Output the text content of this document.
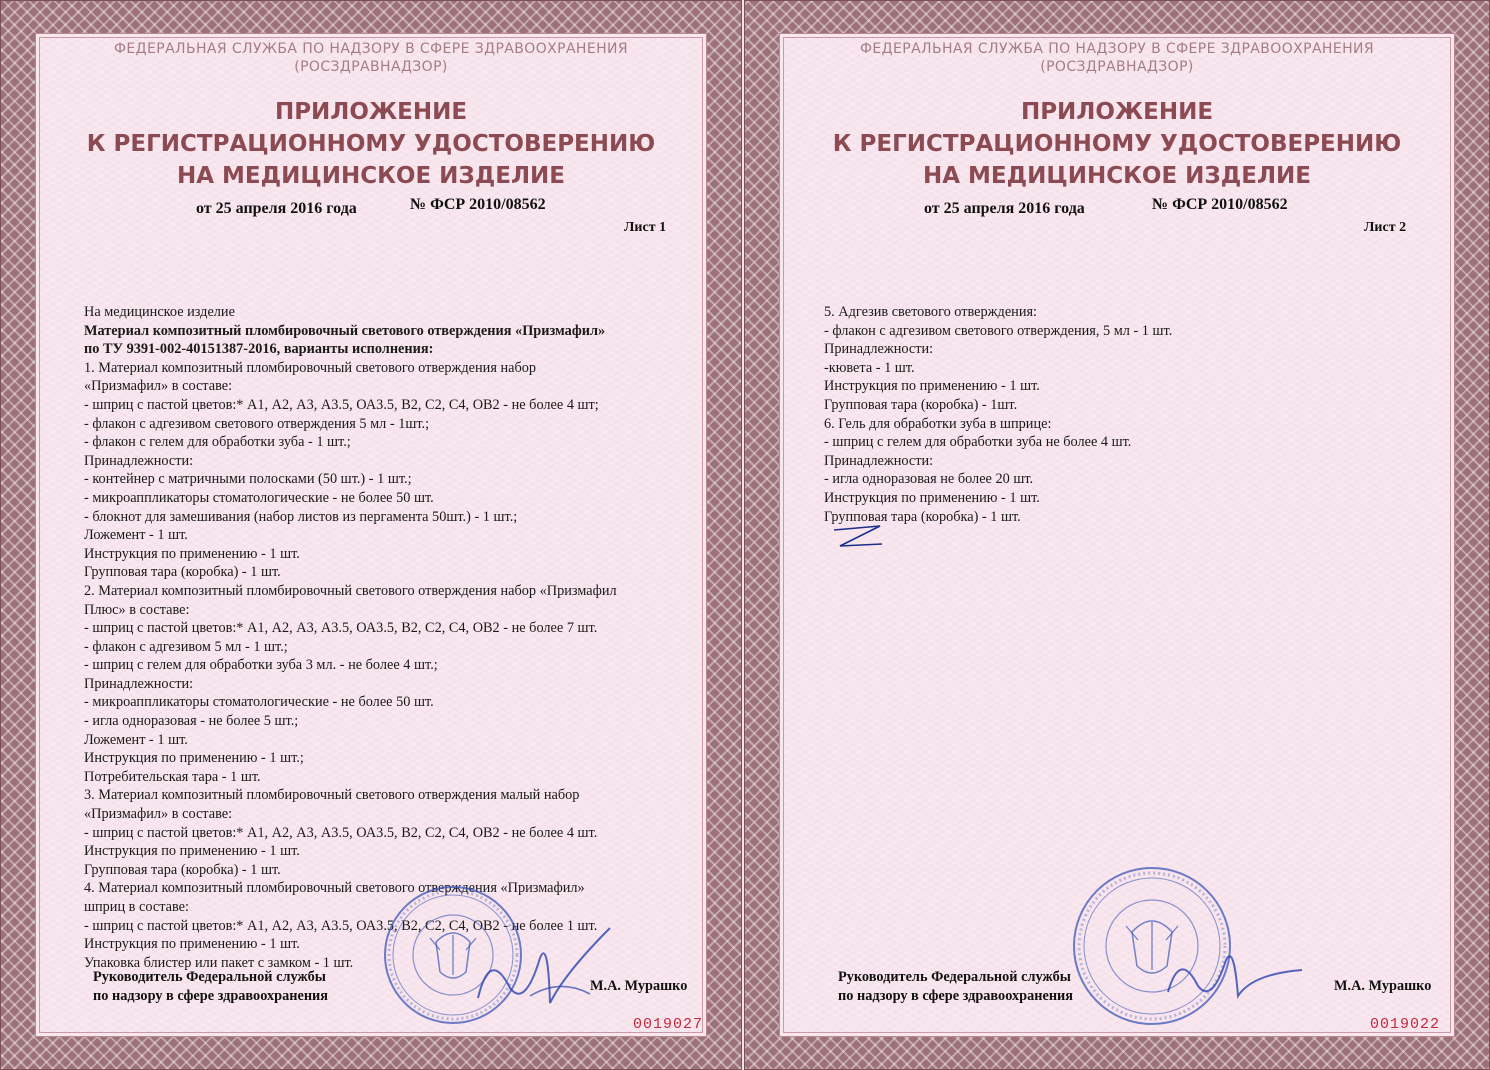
ФЕДЕРАЛЬНАЯ СЛУЖБА ПО НАДЗОРУ В СФЕРЕ ЗДРАВООХРАНЕНИЯ
(РОСЗДРАВНАДЗОР)
ПРИЛОЖЕНИЕ
К РЕГИСТРАЦИОННОМУ УДОСТОВЕРЕНИЮ
НА МЕДИЦИНСКОЕ ИЗДЕЛИЕ
от 25 апреля 2016 года	№ ФСР 2010/08562
Лист 1
На медицинское изделие
Материал композитный пломбировочный светового отверждения «Призмафил»
по ТУ 9391-002-40151387-2016, варианты исполнения:
1. Материал композитный пломбировочный светового отверждения набор
«Призмафил» в составе:
- шприц с пастой цветов:* А1, А2, А3, А3.5, ОА3.5, В2, С2, С4, ОВ2 - не более 4 шт;
- флакон с адгезивом светового отверждения 5 мл - 1шт.;
- флакон с гелем для обработки зуба - 1 шт.;
Принадлежности:
- контейнер с матричными полосками (50 шт.) - 1 шт.;
- микроаппликаторы стоматологические - не более 50 шт.
- блокнот для замешивания (набор листов из пергамента 50шт.) - 1 шт.;
Ложемент - 1 шт.
Инструкция по применению - 1 шт.
Групповая тара (коробка) - 1 шт.
2. Материал композитный пломбировочный светового отверждения набор «Призмафил
Плюс» в составе:
- шприц с пастой цветов:* А1, А2, А3, А3.5, ОА3.5, В2, С2, С4, ОВ2 - не более 7 шт.
- флакон с адгезивом 5 мл - 1 шт.;
- шприц с гелем для обработки зуба 3 мл. - не более 4 шт.;
Принадлежности:
- микроаппликаторы стоматологические - не более 50 шт.
- игла одноразовая - не более 5 шт.;
Ложемент - 1 шт.
Инструкция по применению - 1 шт.;
Потребительская тара - 1 шт.
3. Материал композитный пломбировочный светового отверждения малый набор
«Призмафил» в составе:
- шприц с пастой цветов:* А1, А2, А3, А3.5, ОА3.5, В2, С2, С4, ОВ2 - не более 4 шт.
Инструкция по применению - 1 шт.
Групповая тара (коробка) - 1 шт.
4. Материал композитный пломбировочный светового отверждения «Призмафил»
шприц в составе:
- шприц с пастой цветов:* А1, А2, А3, А3.5, ОА3.5, В2, С2, С4, ОВ2 - не более 1 шт.
Инструкция по применению - 1 шт.
Упаковка блистер или пакет с замком - 1 шт.
Руководитель Федеральной службы
по надзору в сфере здравоохранения
М.А. Мурашко
0019027
ФЕДЕРАЛЬНАЯ СЛУЖБА ПО НАДЗОРУ В СФЕРЕ ЗДРАВООХРАНЕНИЯ
(РОСЗДРАВНАДЗОР)
ПРИЛОЖЕНИЕ
К РЕГИСТРАЦИОННОМУ УДОСТОВЕРЕНИЮ
НА МЕДИЦИНСКОЕ ИЗДЕЛИЕ
от 25 апреля 2016 года	№ ФСР 2010/08562
Лист 2
5. Адгезив светового отверждения:
- флакон с адгезивом светового отверждения, 5 мл - 1 шт.
Принадлежности:
-кювета - 1 шт.
Инструкция по применению - 1 шт.
Групповая тара (коробка) - 1шт.
6. Гель для обработки зуба в шприце:
- шприц с гелем для обработки зуба не более 4 шт.
Принадлежности:
- игла одноразовая не более 20 шт.
Инструкция по применению - 1 шт.
Групповая тара (коробка) - 1 шт.
Руководитель Федеральной службы
по надзору в сфере здравоохранения
М.А. Мурашко
0019022
